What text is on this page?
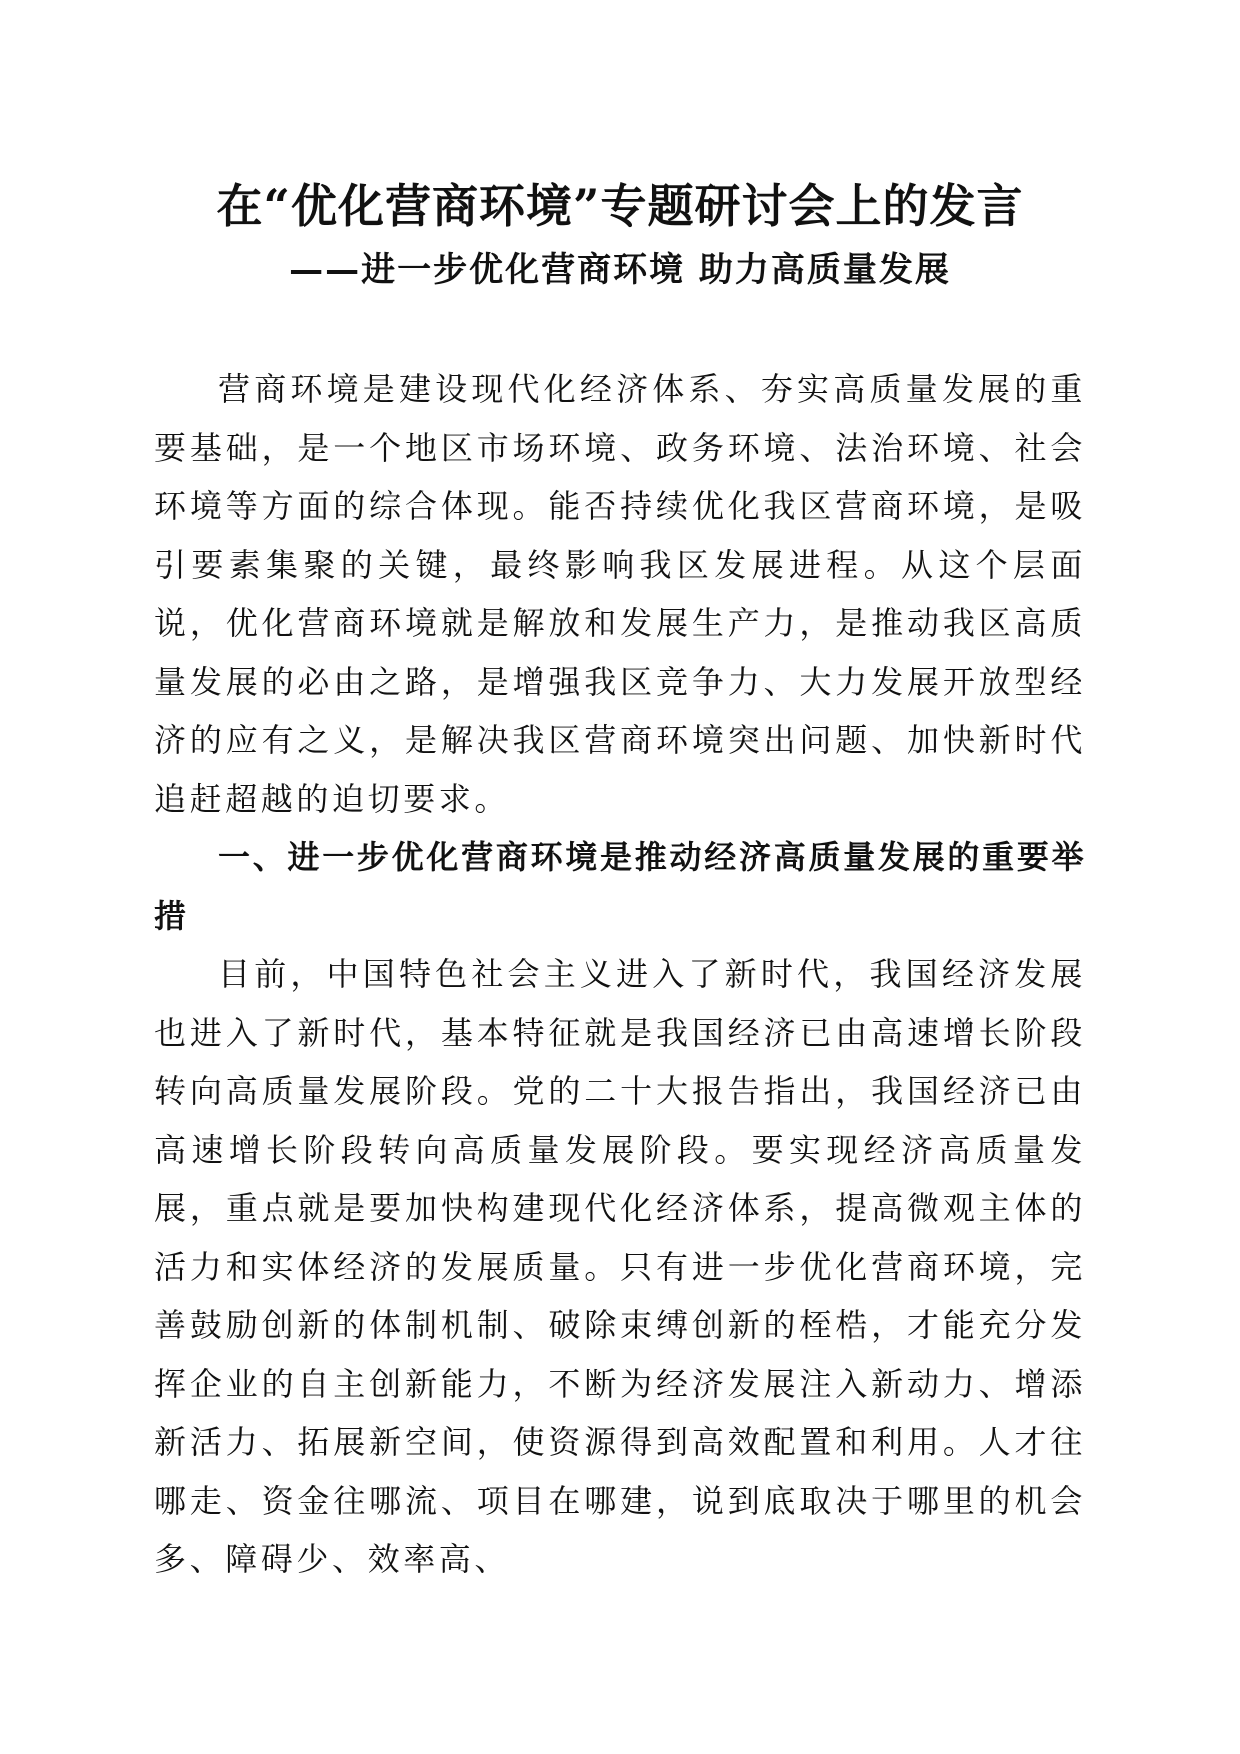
在“优化营商环境”专题研讨会上的发言
——进一步优化营商环境 助力高质量发展

营商环境是建设现代化经济体系、夯实高质量发展的重要基础，是一个地区市场环境、政务环境、法治环境、社会环境等方面的综合体现。能否持续优化我区营商环境，是吸引要素集聚的关键，最终影响我区发展进程。从这个层面说，优化营商环境就是解放和发展生产力，是推动我区高质量发展的必由之路，是增强我区竞争力、大力发展开放型经济的应有之义，是解决我区营商环境突出问题、加快新时代追赶超越的迫切要求。

一、进一步优化营商环境是推动经济高质量发展的重要举措

目前，中国特色社会主义进入了新时代，我国经济发展也进入了新时代，基本特征就是我国经济已由高速增长阶段转向高质量发展阶段。党的二十大报告指出，我国经济已由高速增长阶段转向高质量发展阶段。要实现经济高质量发展，重点就是要加快构建现代化经济体系，提高微观主体的活力和实体经济的发展质量。只有进一步优化营商环境，完善鼓励创新的体制机制、破除束缚创新的桎梏，才能充分发挥企业的自主创新能力，不断为经济发展注入新动力、增添新活力、拓展新空间，使资源得到高效配置和利用。人才往哪走、资金往哪流、项目在哪建，说到底取决于哪里的机会多、障碍少、效率高、
